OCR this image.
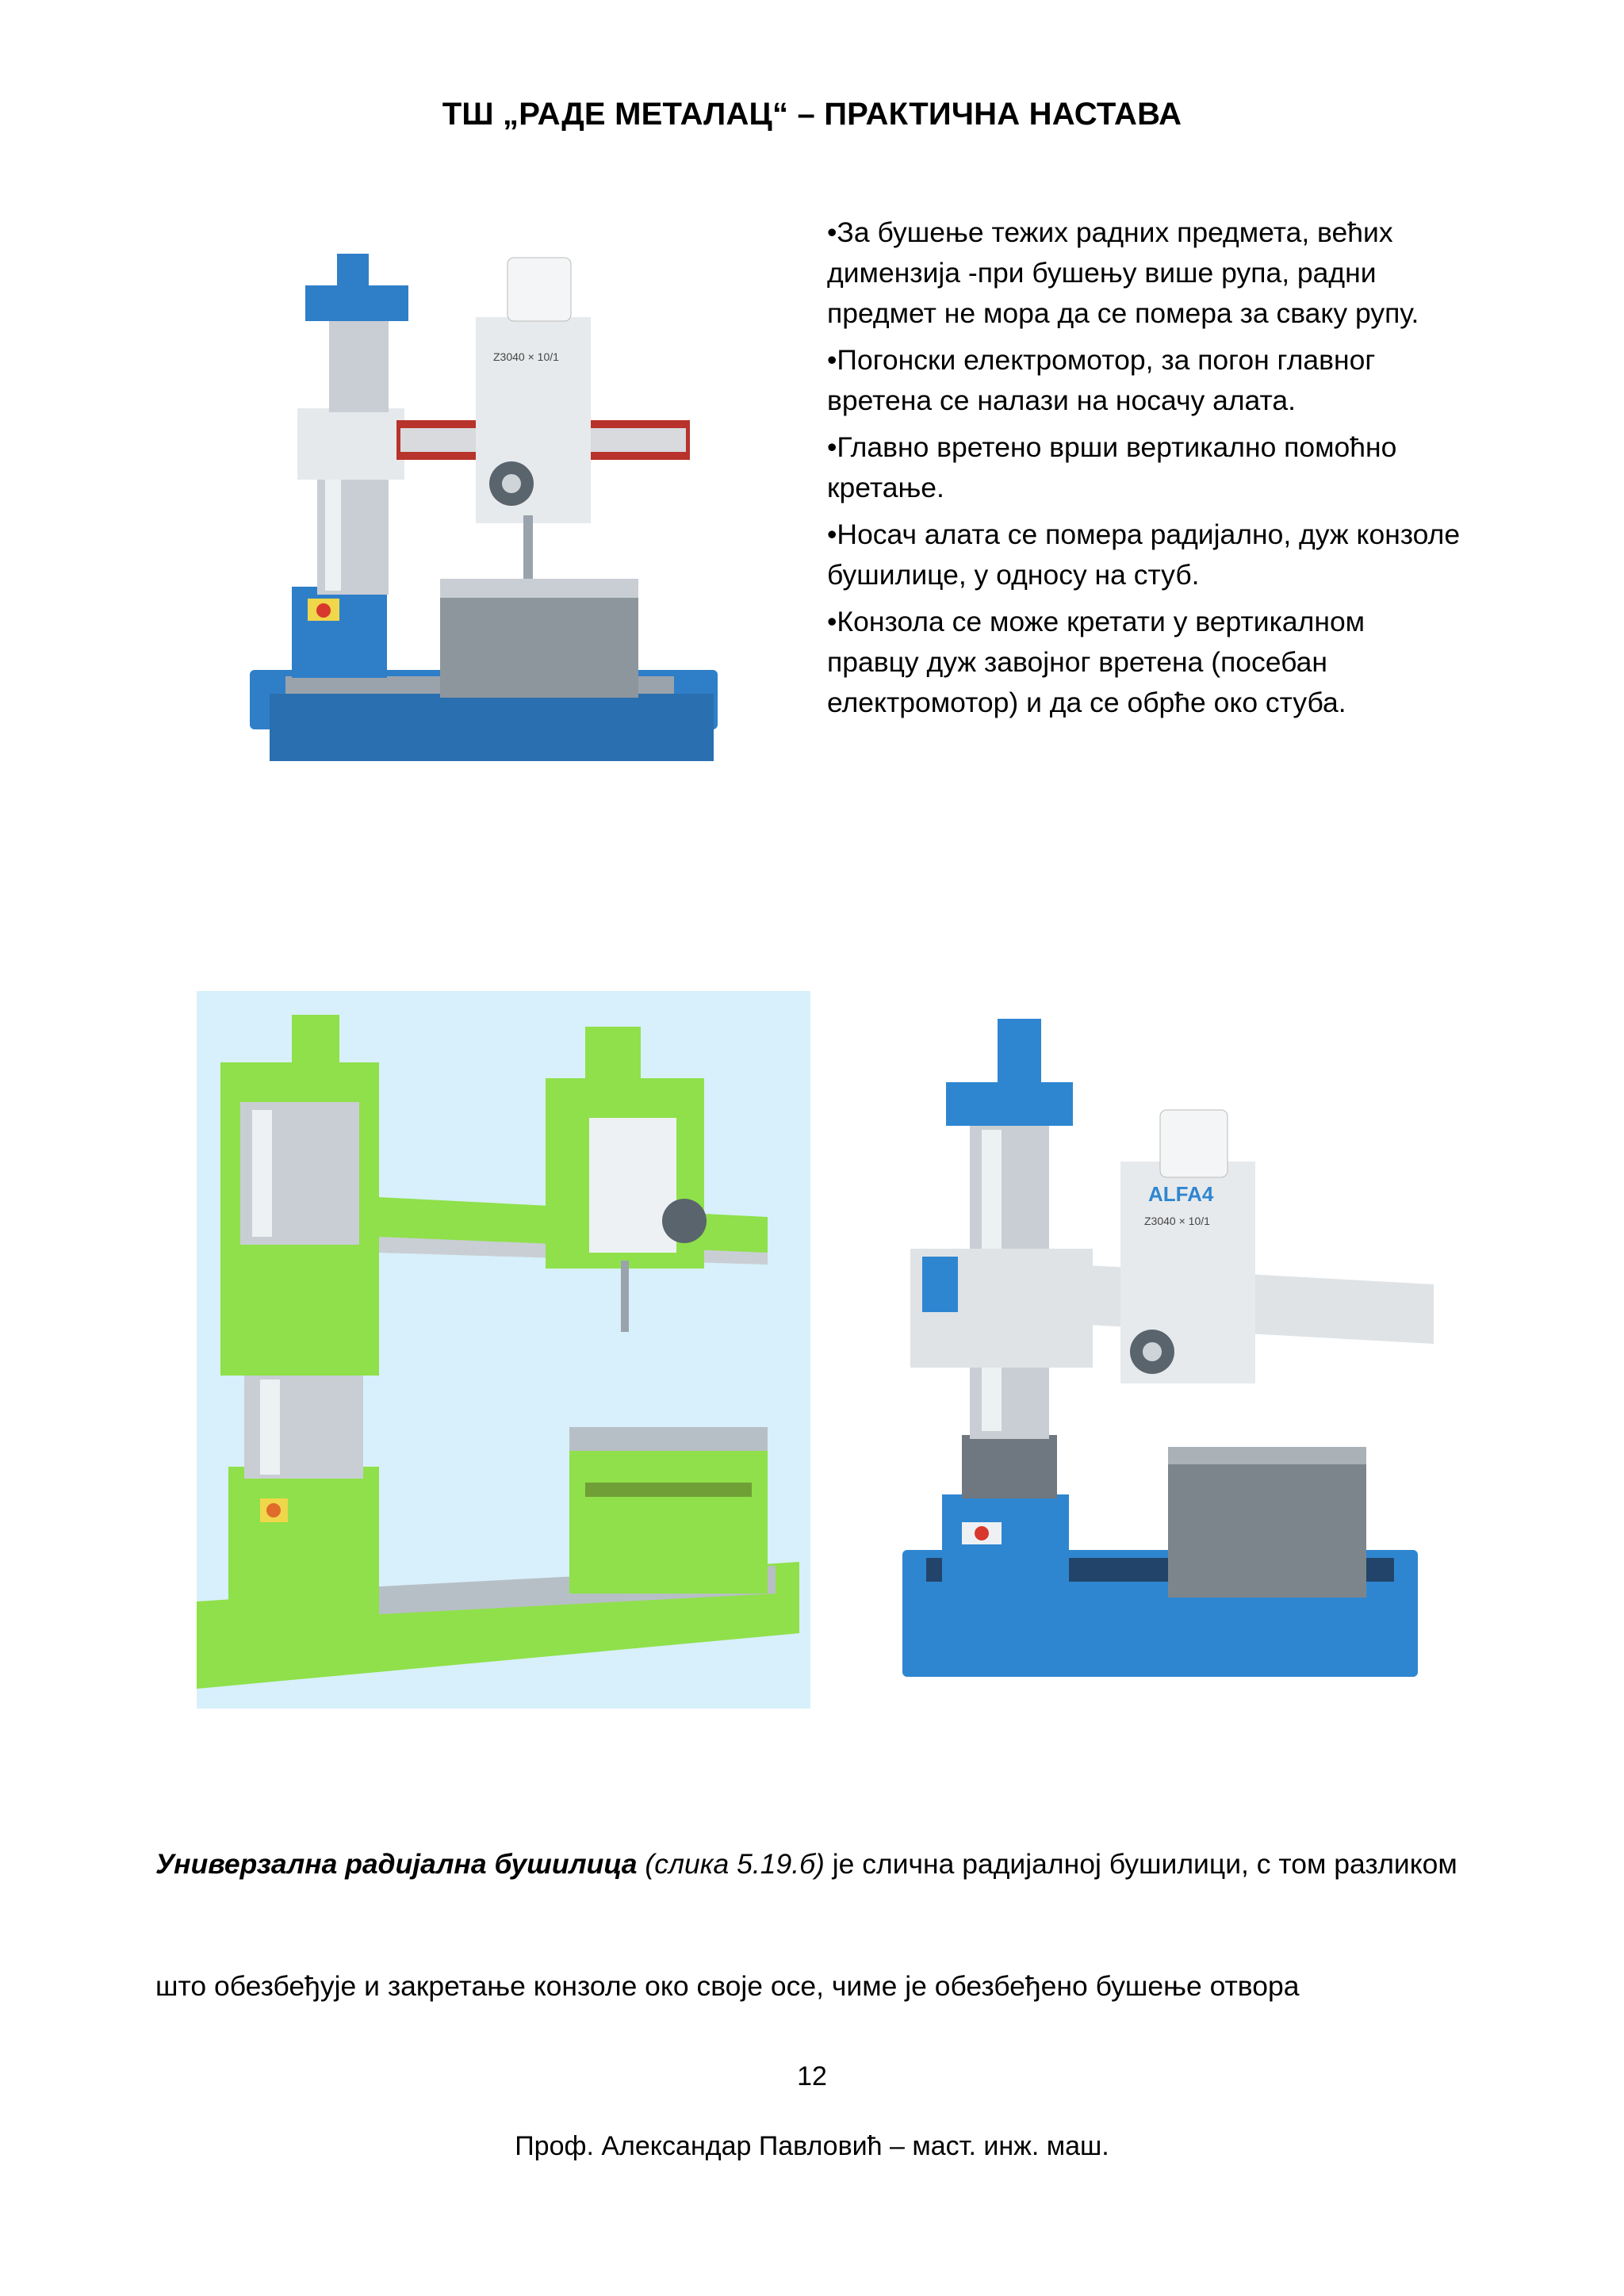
ТШ „РАДЕ МЕТАЛАЦ“ – ПРАКТИЧНА НАСТАВА
Z3040 × 10/1

•За бушење тежих радних предмета, већих димензија -при бушењу више рупа, радни предмет не мора да се помера за сваку рупу.

•Погонски електромотор, за погон главног вретена се налази на носачу алата.

•Главно вретено врши вертикално помоћно кретање.

•Носач алата се помера радијално, дуж конзоле бушилице, у односу на стуб.

•Конзола се може кретати у вертикалном правцу дуж завојног вретена (посебан електромотор) и да се обрће око стуба.

ALFA4
Z3040 × 10/1
Универзална радијална бушилица (слика 5.19.б) је слична радијалној бушилици, с том разликом
што обезбеђује и закретање конзоле око своје осе, чиме је обезбеђено бушење отвора
12
Проф. Александар Павловић – маст. инж. маш.
